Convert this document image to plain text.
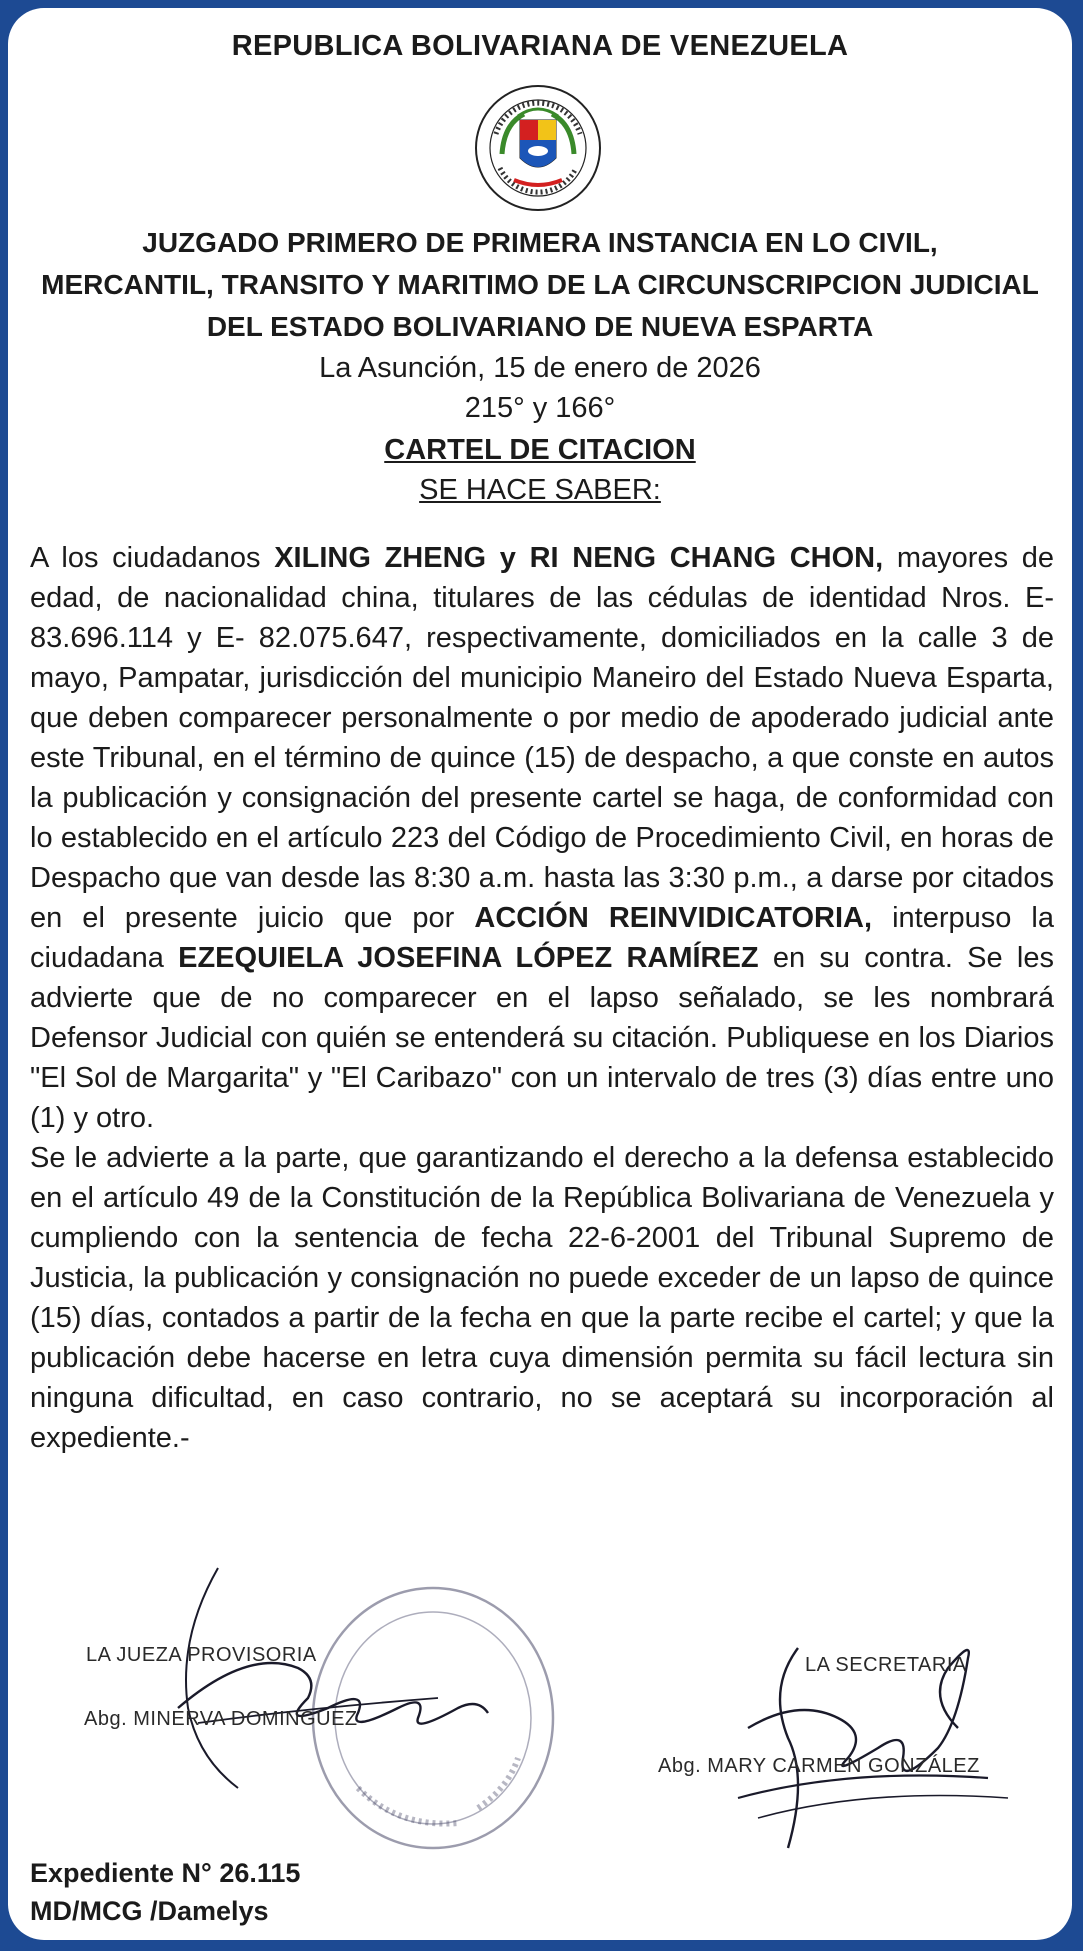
REPUBLICA BOLIVARIANA DE VENEZUELA
JUZGADO PRIMERO DE PRIMERA INSTANCIA EN LO CIVIL,
MERCANTIL, TRANSITO Y MARITIMO DE LA CIRCUNSCRIPCION JUDICIAL
DEL ESTADO BOLIVARIANO DE NUEVA ESPARTA
La Asunción, 15 de enero de 2026
215° y 166°
CARTEL DE CITACION
SE HACE SABER:

A los ciudadanos XILING ZHENG y RI NENG CHANG CHON, mayores de edad, de nacionalidad china, titulares de las cédulas de identidad Nros. E- 83.696.114 y E- 82.075.647, respectivamente, domiciliados en la calle 3 de mayo, Pampatar, jurisdicción del municipio Maneiro del Estado Nueva Esparta, que deben comparecer personalmente o por medio de apoderado judicial ante este Tribunal, en el término de quince (15) de despacho, a que conste en autos la publicación y consignación del presente cartel se haga, de conformidad con lo establecido en el artículo 223 del Código de Procedimiento Civil, en horas de Despacho que van desde las 8:30 a.m. hasta las 3:30 p.m., a darse por citados en el presente juicio que por ACCIÓN REINVIDICATORIA, interpuso la ciudadana EZEQUIELA JOSEFINA LÓPEZ RAMÍREZ en su contra. Se les advierte que de no comparecer en el lapso señalado, se les nombrará Defensor Judicial con quién se entenderá su citación. Publiquese en los Diarios "El Sol de Margarita" y "El Caribazo" con un intervalo de tres (3) días entre uno (1) y otro.

Se le advierte a la parte, que garantizando el derecho a la defensa establecido en el artículo 49 de la Constitución de la República Bolivariana de Venezuela y cumpliendo con la sentencia de fecha 22-6-2001 del Tribunal Supremo de Justicia, la publicación y consignación no puede exceder de un lapso de quince (15) días, contados a partir de la fecha en que la parte recibe el cartel; y que la publicación debe hacerse en letra cuya dimensión permita su fácil lectura sin ninguna dificultad, en caso contrario, no se aceptará su incorporación al expediente.-

LA JUEZA PROVISORIA
Abg. MINERVA DOMINGUEZ
LA SECRETARIA
Abg. MARY CARMEN GONZÁLEZ
Expediente N° 26.115
MD/MCG /Damelys
